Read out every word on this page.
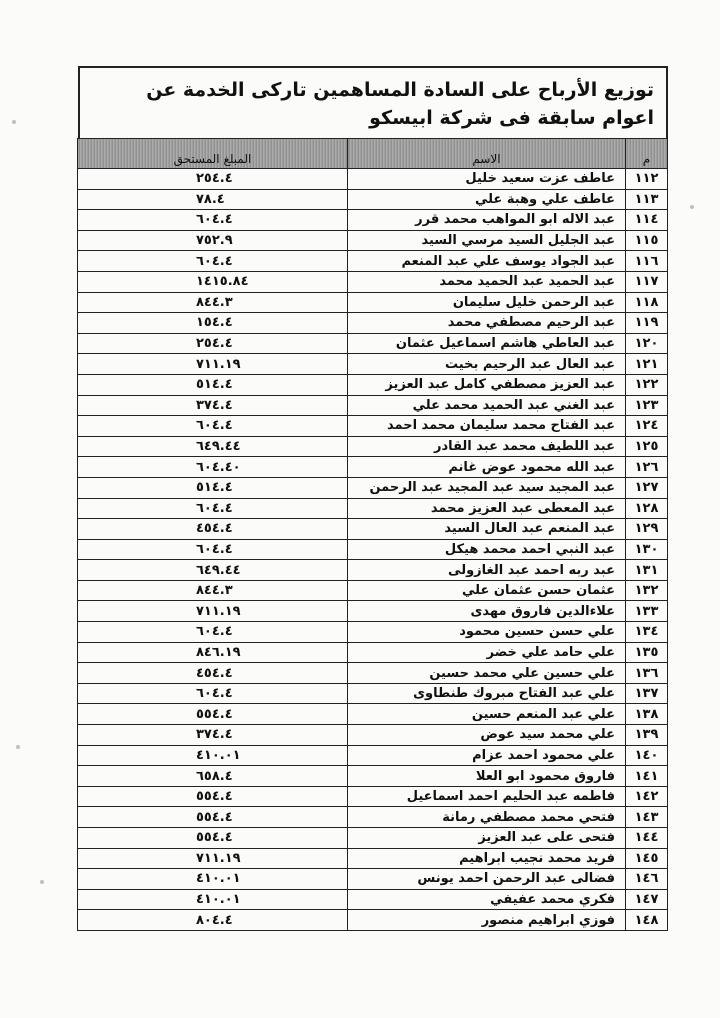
توزيع الأرباح على السادة المساهمين تاركى الخدمة عن اعوام سابقة فى شركة ابيسكو
م	الاسم	المبلغ المستحق
١١٢	عاطف عزت سعيد خليل	٢٥٤.٤
١١٣	عاطف علي وهبة علي	٧٨.٤
١١٤	عبد الاله ابو المواهب محمد قرر	٦٠٤.٤
١١٥	عبد الجليل السيد مرسي السيد	٧٥٢.٩
١١٦	عبد الجواد يوسف علي عبد المنعم	٦٠٤.٤
١١٧	عبد الحميد عبد الحميد محمد	١٤١٥.٨٤
١١٨	عبد الرحمن خليل سليمان	٨٤٤.٣
١١٩	عبد الرحيم مصطفي محمد	١٥٤.٤
١٢٠	عبد العاطي هاشم اسماعيل عثمان	٢٥٤.٤
١٢١	عبد العال عبد الرحيم بخيت	٧١١.١٩
١٢٢	عبد العزيز مصطفي كامل عبد العزيز	٥١٤.٤
١٢٣	عبد الغني عبد الحميد محمد علي	٣٧٤.٤
١٢٤	عبد الفتاح محمد سليمان محمد احمد	٦٠٤.٤
١٢٥	عبد اللطيف محمد عبد القادر	٦٤٩.٤٤
١٢٦	عبد الله محمود عوض غانم	٦٠٤.٤٠
١٢٧	عبد المجيد سيد عبد المجيد عبد الرحمن	٥١٤.٤
١٢٨	عبد المعطى عبد العزيز محمد	٦٠٤.٤
١٢٩	عبد المنعم عبد العال السيد	٤٥٤.٤
١٣٠	عبد النبي احمد محمد هيكل	٦٠٤.٤
١٣١	عبد ربه احمد عبد الغازولى	٦٤٩.٤٤
١٣٢	عثمان حسن عثمان علي	٨٤٤.٣
١٣٣	علاءالدين فاروق مهدى	٧١١.١٩
١٣٤	علي حسن حسين محمود	٦٠٤.٤
١٣٥	علي حامد علي خضر	٨٤٦.١٩
١٣٦	علي حسين علي محمد حسين	٤٥٤.٤
١٣٧	علي عبد الفتاح مبروك طنطاوى	٦٠٤.٤
١٣٨	علي عبد المنعم حسين	٥٥٤.٤
١٣٩	علي محمد سيد عوض	٣٧٤.٤
١٤٠	علي محمود احمد عزام	٤١٠.٠١
١٤١	فاروق محمود ابو العلا	٦٥٨.٤
١٤٢	فاطمه عبد الحليم احمد اسماعيل	٥٥٤.٤
١٤٣	فتحي محمد مصطفي رمانة	٥٥٤.٤
١٤٤	فتحى على عبد العزيز	٥٥٤.٤
١٤٥	فريد محمد نجيب ابراهيم	٧١١.١٩
١٤٦	فضالى عبد الرحمن احمد يونس	٤١٠.٠١
١٤٧	فكري محمد عفيفي	٤١٠.٠١
١٤٨	فوزي ابراهيم منصور	٨٠٤.٤
